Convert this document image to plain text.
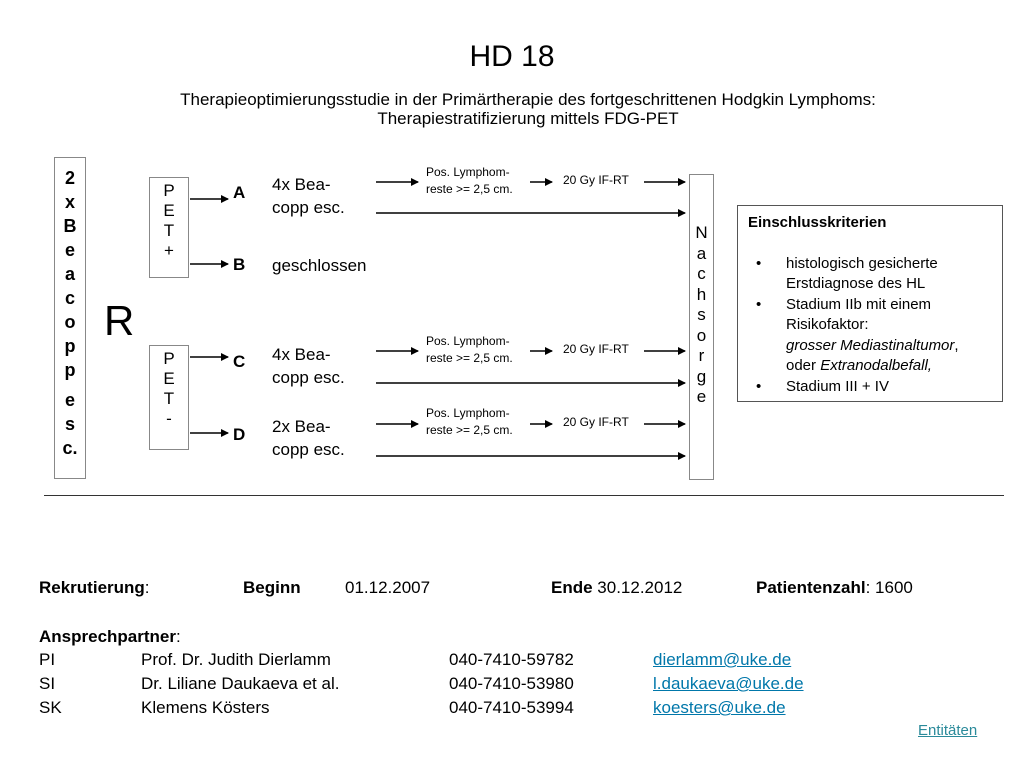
HD 18
Therapieoptimierungsstudie in der Primärtherapie des fortgeschrittenen Hodgkin Lymphoms:
Therapiestratifizierung mittels FDG-PET
2
x
B
e
a
c
o
p
p
e
s
c.
R
P
E
T
+
P
E
T
-
A
B
C
D
4x Bea-
copp esc.
geschlossen
4x Bea-
copp esc.
2x Bea-
copp esc.
Pos. Lymphom-
reste >= 2,5 cm.
Pos. Lymphom-
reste >= 2,5 cm.
Pos. Lymphom-
reste >= 2,5 cm.
20 Gy IF-RT
20 Gy IF-RT
20 Gy IF-RT
N
a
c
h
s
o
r
g
e
Einschlusskriterien
• histologisch gesicherte
Erstdiagnose des HL
• Stadium IIb mit einem
Risikofaktor:
grosser Mediastinaltumor,
oder Extranodalbefall,
• Stadium III + IV
Rekrutierung:	Beginn	01.12.2007	Ende 30.12.2012	Patientenzahl: 1600
Ansprechpartner:
PI	Prof. Dr. Judith Dierlamm	040-7410-59782	dierlamm@uke.de
SI	Dr. Liliane Daukaeva et al.	040-7410-53980	l.daukaeva@uke.de
SK	Klemens Kösters	040-7410-53994	koesters@uke.de
Entitäten
